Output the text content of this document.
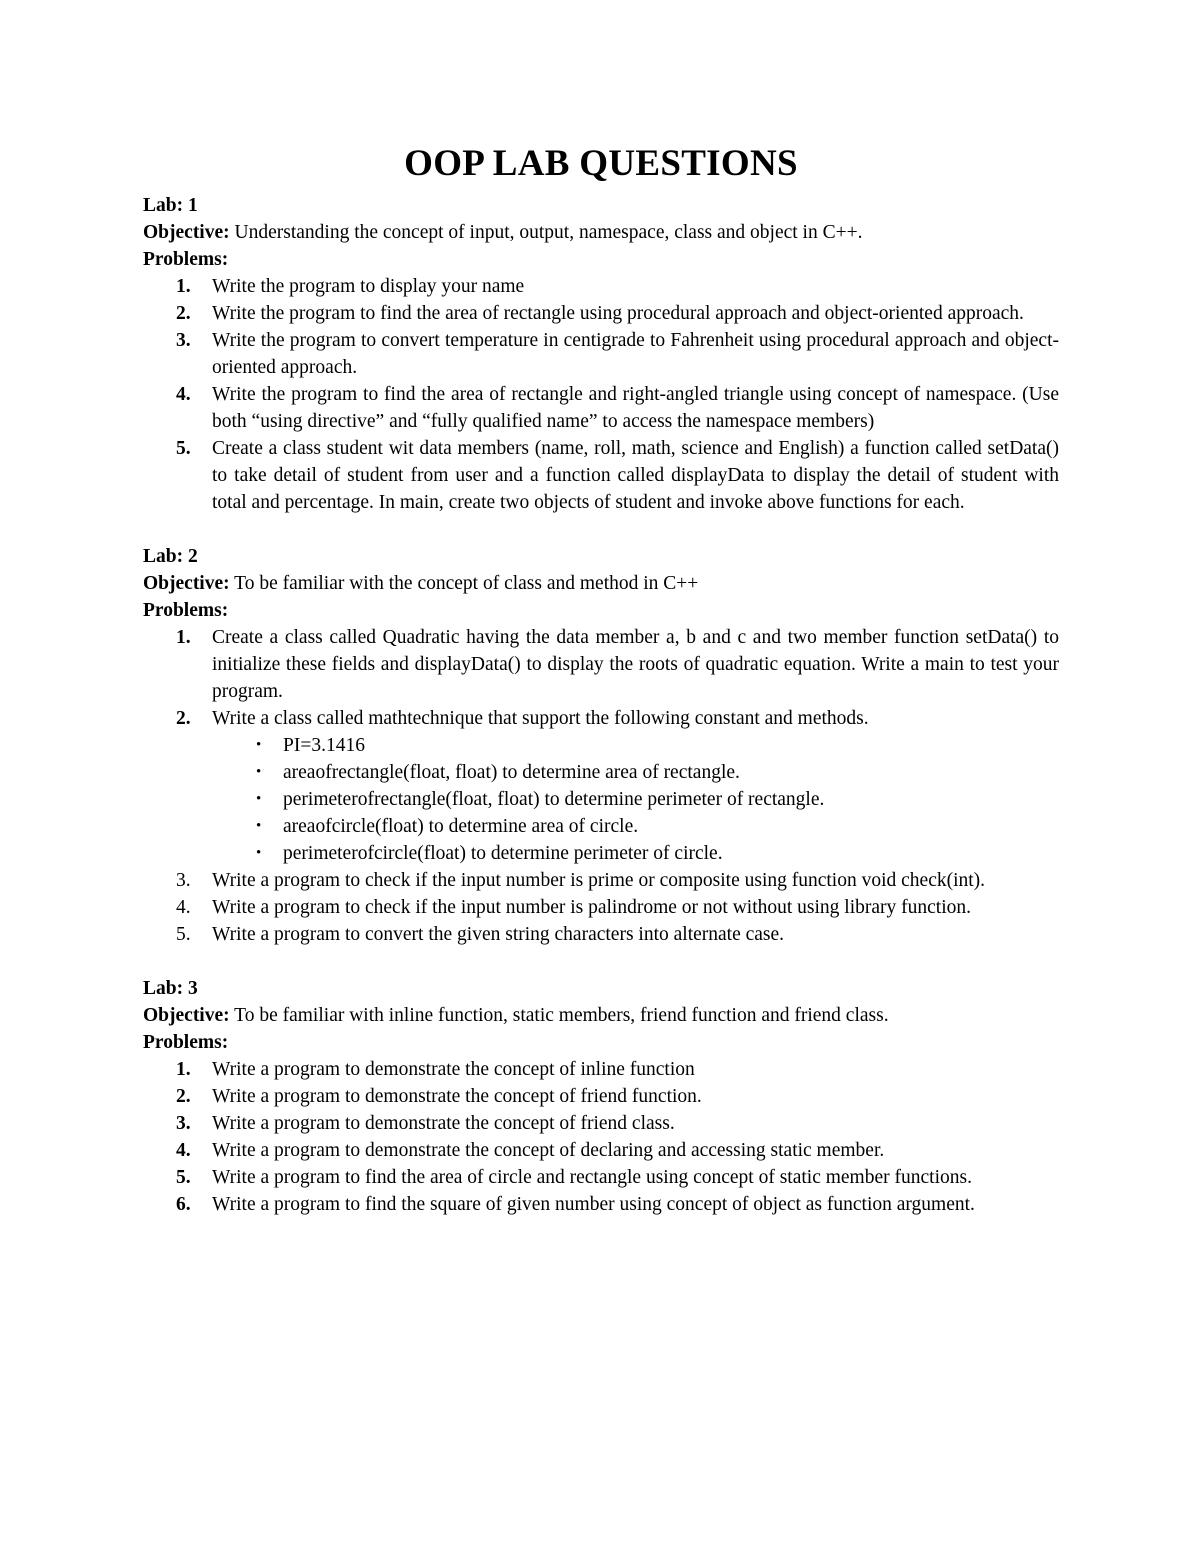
OOP LAB QUESTIONS

Lab: 1

Objective: Understanding the concept of input, output, namespace, class and object in C++.

Problems:

1.	Write the program to display your name
2.	Write the program to find the area of rectangle using procedural approach and object-oriented approach.
3.	Write the program to convert temperature in centigrade to Fahrenheit using procedural approach and object-oriented approach.
4.	Write the program to find the area of rectangle and right-angled triangle using concept of namespace. (Use both “using directive” and “fully qualified name” to access the namespace members)
5.	Create a class student wit data members (name, roll, math, science and English) a function called setData() to take detail of student from user and a function called displayData to display the detail of student with total and percentage. In main, create two objects of student and invoke above functions for each.

Lab: 2

Objective: To be familiar with the concept of class and method in C++

Problems:

1.	Create a class called Quadratic having the data member a, b and c and two member function setData() to initialize these fields and displayData() to display the roots of quadratic equation. Write a main to test your program.
2.	Write a class called mathtechnique that support the following constant and methods.
• PI=3.1416
• areaofrectangle(float, float) to determine area of rectangle.
• perimeterofrectangle(float, float) to determine perimeter of rectangle.
• areaofcircle(float) to determine area of circle.
• perimeterofcircle(float) to determine perimeter of circle.
3.	Write a program to check if the input number is prime or composite using function void check(int).
4.	Write a program to check if the input number is palindrome or not without using library function.
5.	Write a program to convert the given string characters into alternate case.

Lab: 3

Objective: To be familiar with inline function, static members, friend function and friend class.

Problems:

1.	Write a program to demonstrate the concept of inline function
2.	Write a program to demonstrate the concept of friend function.
3.	Write a program to demonstrate the concept of friend class.
4.	Write a program to demonstrate the concept of declaring and accessing static member.
5.	Write a program to find the area of circle and rectangle using concept of static member functions.
6.	Write a program to find the square of given number using concept of object as function argument.
